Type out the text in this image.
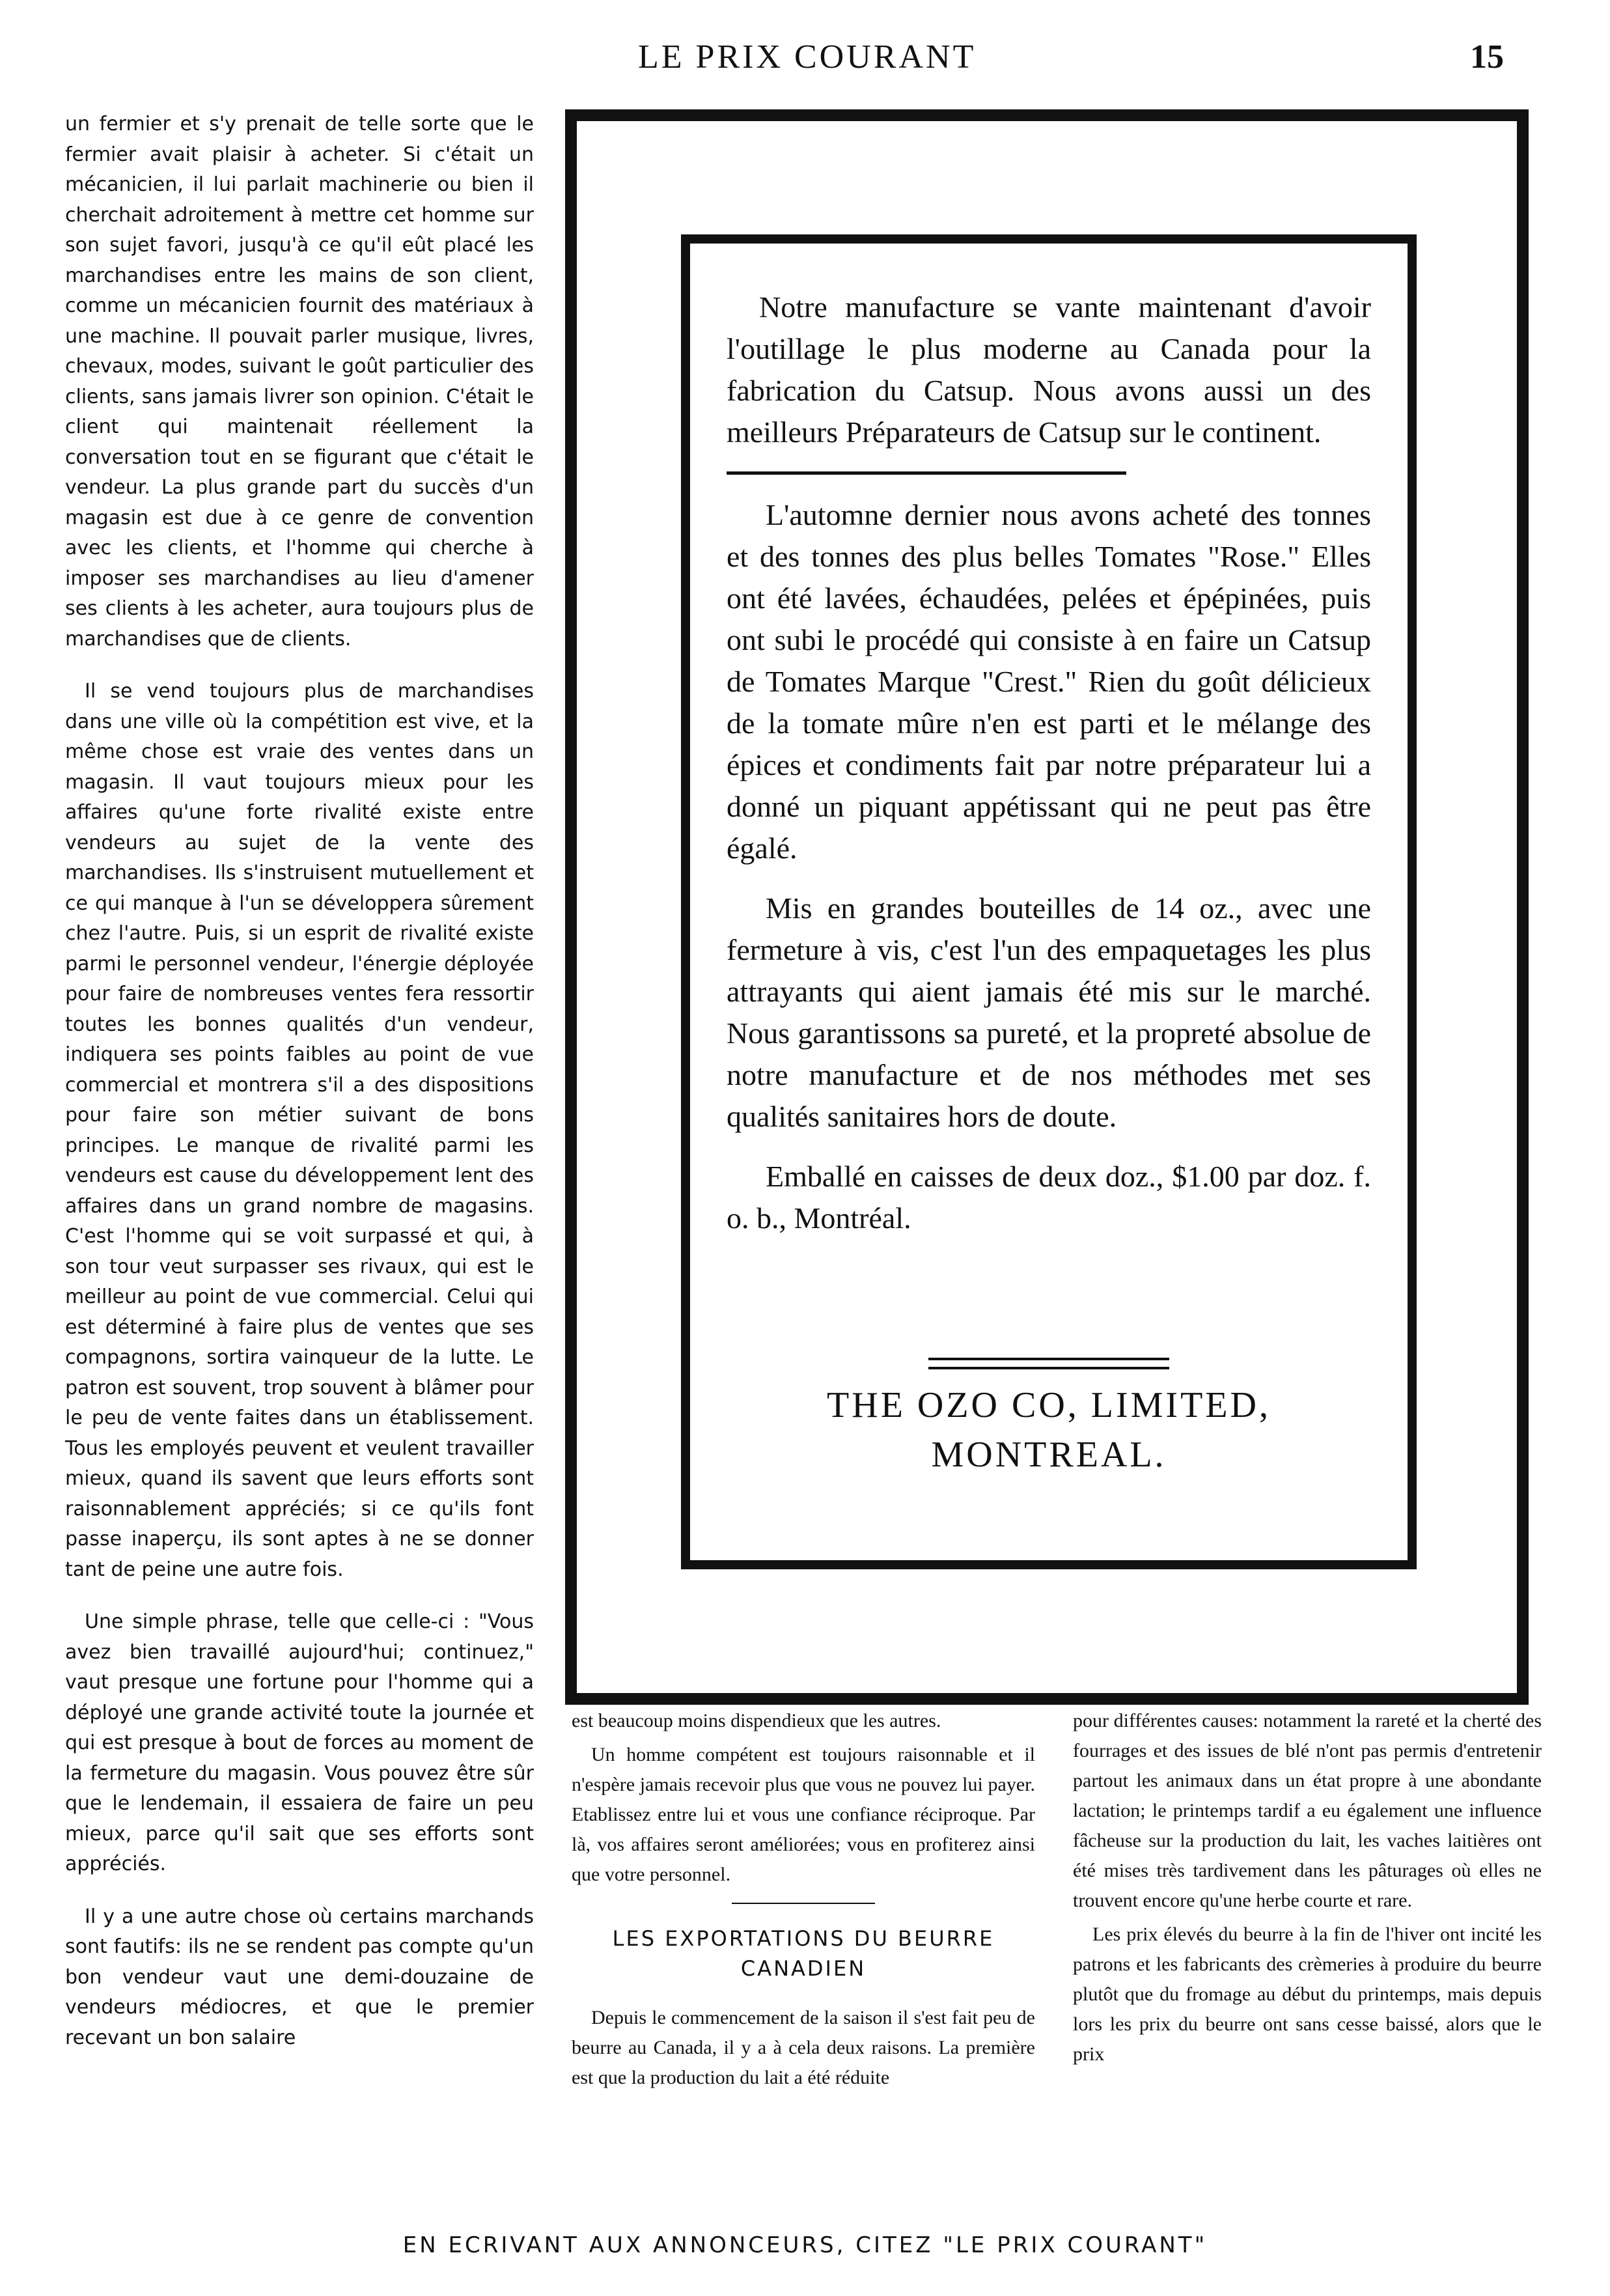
LE PRIX COURANT	15

un fermier et s'y prenait de telle sorte que le fermier avait plaisir à acheter. Si c'était un mécanicien, il lui parlait machinerie ou bien il cherchait adroitement à mettre cet homme sur son sujet favori, jusqu'à ce qu'il eût placé les marchandises entre les mains de son client, comme un mécanicien fournit des matériaux à une machine. Il pouvait parler musique, livres, chevaux, modes, suivant le goût particulier des clients, sans jamais livrer son opinion. C'était le client qui maintenait réellement la conversation tout en se figurant que c'était le vendeur. La plus grande part du succès d'un magasin est due à ce genre de convention avec les clients, et l'homme qui cherche à imposer ses marchandises au lieu d'amener ses clients à les acheter, aura toujours plus de marchandises que de clients.

Il se vend toujours plus de marchandises dans une ville où la compétition est vive, et la même chose est vraie des ventes dans un magasin. Il vaut toujours mieux pour les affaires qu'une forte rivalité existe entre vendeurs au sujet de la vente des marchandises. Ils s'instruisent mutuellement et ce qui manque à l'un se développera sûrement chez l'autre. Puis, si un esprit de rivalité existe parmi le personnel vendeur, l'énergie déployée pour faire de nombreuses ventes fera ressortir toutes les bonnes qualités d'un vendeur, indiquera ses points faibles au point de vue commercial et montrera s'il a des dispositions pour faire son métier suivant de bons principes. Le manque de rivalité parmi les vendeurs est cause du développement lent des affaires dans un grand nombre de magasins. C'est l'homme qui se voit surpassé et qui, à son tour veut surpasser ses rivaux, qui est le meilleur au point de vue commercial. Celui qui est déterminé à faire plus de ventes que ses compagnons, sortira vainqueur de la lutte. Le patron est souvent, trop souvent à blâmer pour le peu de vente faites dans un établissement. Tous les employés peuvent et veulent travailler mieux, quand ils savent que leurs efforts sont raisonnablement appréciés; si ce qu'ils font passe inaperçu, ils sont aptes à ne se donner tant de peine une autre fois.

Une simple phrase, telle que celle-ci : "Vous avez bien travaillé aujourd'hui; continuez," vaut presque une fortune pour l'homme qui a déployé une grande activité toute la journée et qui est presque à bout de forces au moment de la fermeture du magasin. Vous pouvez être sûr que le lendemain, il essaiera de faire un peu mieux, parce qu'il sait que ses efforts sont appréciés.

Il y a une autre chose où certains marchands sont fautifs: ils ne se rendent pas compte qu'un bon vendeur vaut une demi-douzaine de vendeurs médiocres, et que le premier recevant un bon salaire

Notre manufacture se vante maintenant d'avoir l'outillage le plus moderne au Canada pour la fabrication du Catsup. Nous avons aussi un des meilleurs Préparateurs de Catsup sur le continent.

L'automne dernier nous avons acheté des tonnes et des tonnes des plus belles Tomates "Rose." Elles ont été lavées, échaudées, pelées et épépinées, puis ont subi le procédé qui consiste à en faire un Catsup de Tomates Marque "Crest." Rien du goût délicieux de la tomate mûre n'en est parti et le mélange des épices et condiments fait par notre préparateur lui a donné un piquant appétissant qui ne peut pas être égalé.

Mis en grandes bouteilles de 14 oz., avec une fermeture à vis, c'est l'un des empaquetages les plus attrayants qui aient jamais été mis sur le marché. Nous garantissons sa pureté, et la propreté absolue de notre manufacture et de nos méthodes met ses qualités sanitaires hors de doute.

Emballé en caisses de deux doz., $1.00 par doz. f. o. b., Montréal.

THE OZO CO, LIMITED,
MONTREAL.

est beaucoup moins dispendieux que les autres.

Un homme compétent est toujours raisonnable et il n'espère jamais recevoir plus que vous ne pouvez lui payer. Etablissez entre lui et vous une confiance réciproque. Par là, vos affaires seront améliorées; vous en profiterez ainsi que votre personnel.

LES EXPORTATIONS DU BEURRE CANADIEN

Depuis le commencement de la saison il s'est fait peu de beurre au Canada, il y a à cela deux raisons. La première est que la production du lait a été réduite

pour différentes causes: notamment la rareté et la cherté des fourrages et des issues de blé n'ont pas permis d'entretenir partout les animaux dans un état propre à une abondante lactation; le printemps tardif a eu également une influence fâcheuse sur la production du lait, les vaches laitières ont été mises très tardivement dans les pâturages où elles ne trouvent encore qu'une herbe courte et rare.

Les prix élevés du beurre à la fin de l'hiver ont incité les patrons et les fabricants des crèmeries à produire du beurre plutôt que du fromage au début du printemps, mais depuis lors les prix du beurre ont sans cesse baissé, alors que le prix

EN ECRIVANT AUX ANNONCEURS, CITEZ "LE PRIX COURANT"
